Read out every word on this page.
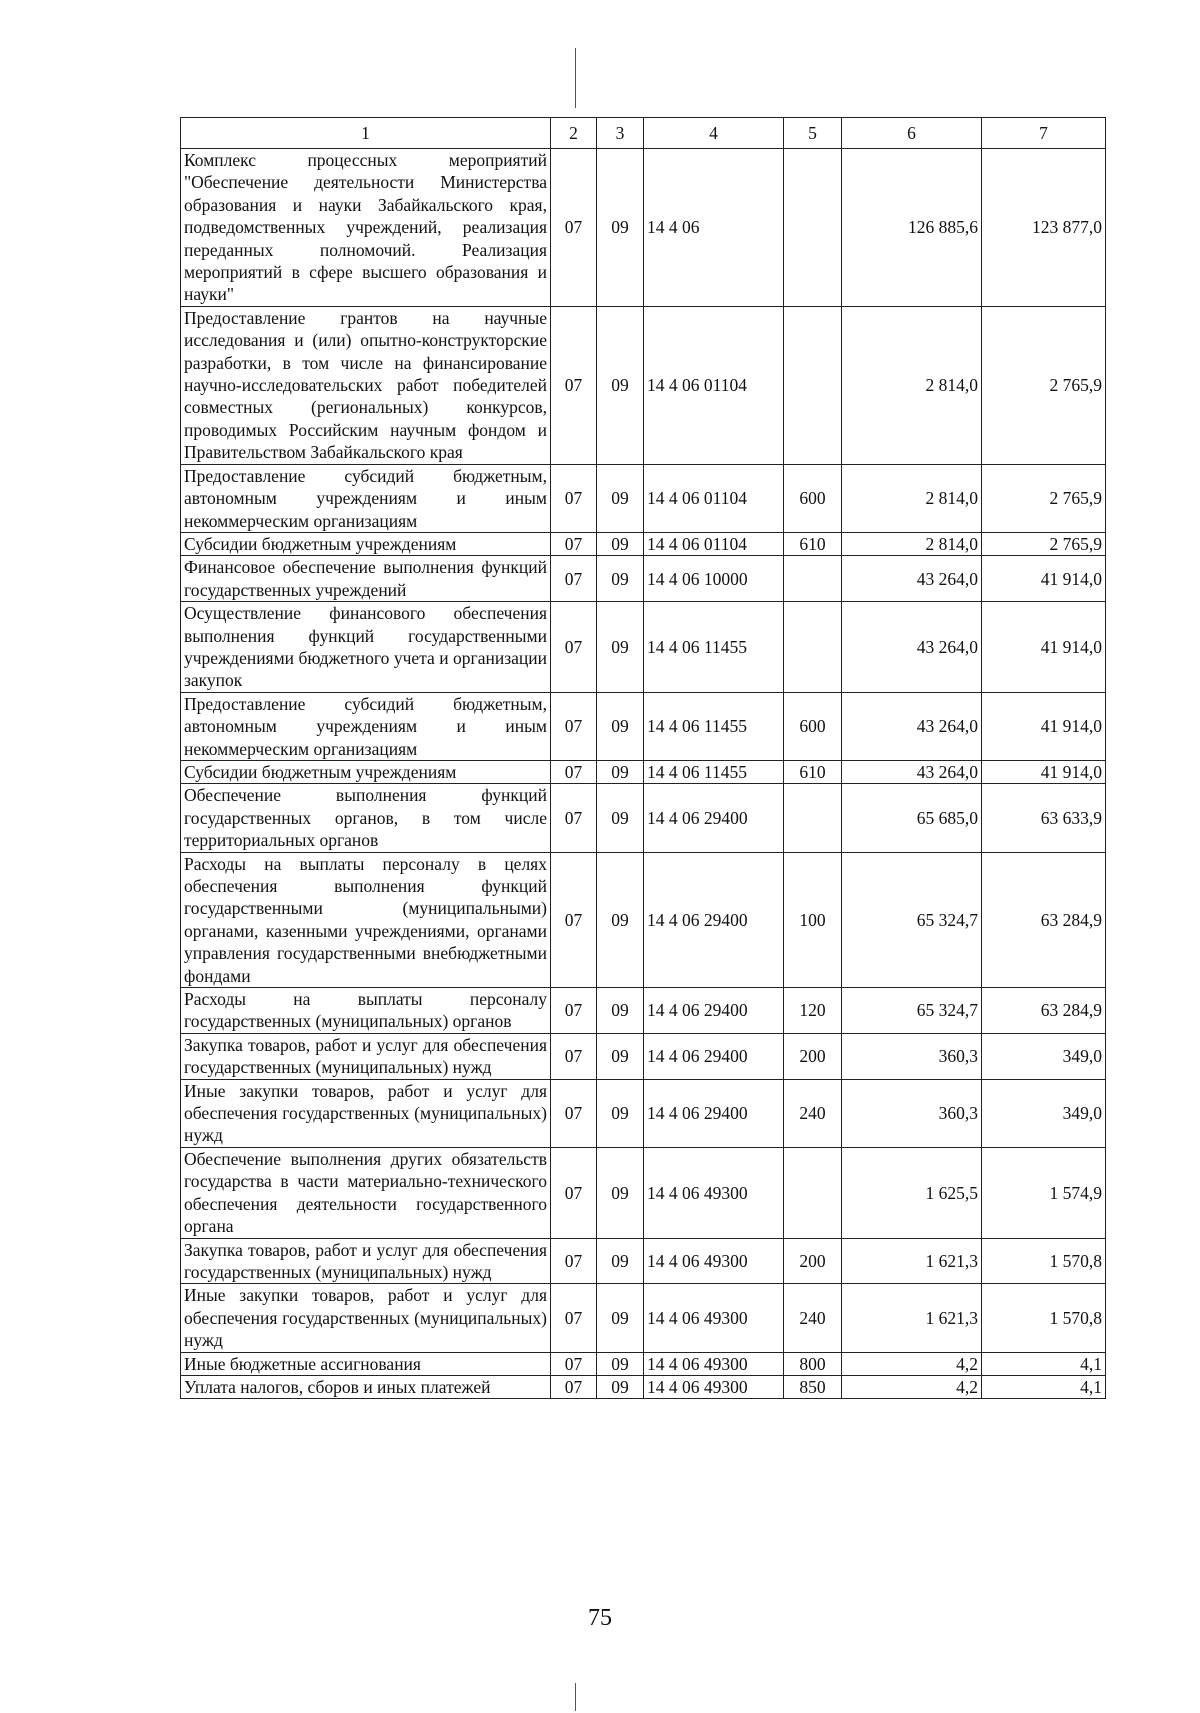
1	2	3	4	5	6	7
Комплекс процессных мероприятий "Обеспечение деятельности Министерства образования и науки Забайкальского края, подведомственных учреждений, реализация переданных полномочий. Реализация мероприятий в сфере высшего образования и науки"	07	09	14 4 06		126 885,6	123 877,0
Предоставление грантов на научные исследования и (или) опытно-конструкторские разработки, в том числе на финансирование научно-исследовательских работ победителей совместных (региональных) конкурсов, проводимых Российским научным фондом и Правительством Забайкальского края	07	09	14 4 06 01104		2 814,0	2 765,9
Предоставление субсидий бюджетным, автономным учреждениям и иным некоммерческим организациям	07	09	14 4 06 01104	600	2 814,0	2 765,9
Субсидии бюджетным учреждениям	07	09	14 4 06 01104	610	2 814,0	2 765,9
Финансовое обеспечение выполнения функций государственных учреждений	07	09	14 4 06 10000		43 264,0	41 914,0
Осуществление финансового обеспечения выполнения функций государственными учреждениями бюджетного учета и организации закупок	07	09	14 4 06 11455		43 264,0	41 914,0
Предоставление субсидий бюджетным, автономным учреждениям и иным некоммерческим организациям	07	09	14 4 06 11455	600	43 264,0	41 914,0
Субсидии бюджетным учреждениям	07	09	14 4 06 11455	610	43 264,0	41 914,0
Обеспечение выполнения функций государственных органов, в том числе территориальных органов	07	09	14 4 06 29400		65 685,0	63 633,9
Расходы на выплаты персоналу в целях обеспечения выполнения функций государственными (муниципальными) органами, казенными учреждениями, органами управления государственными внебюджетными фондами	07	09	14 4 06 29400	100	65 324,7	63 284,9
Расходы на выплаты персоналу государственных (муниципальных) органов	07	09	14 4 06 29400	120	65 324,7	63 284,9
Закупка товаров, работ и услуг для обеспечения государственных (муниципальных) нужд	07	09	14 4 06 29400	200	360,3	349,0
Иные закупки товаров, работ и услуг для обеспечения государственных (муниципальных) нужд	07	09	14 4 06 29400	240	360,3	349,0
Обеспечение выполнения других обязательств государства в части материально-технического обеспечения деятельности государственного органа	07	09	14 4 06 49300		1 625,5	1 574,9
Закупка товаров, работ и услуг для обеспечения государственных (муниципальных) нужд	07	09	14 4 06 49300	200	1 621,3	1 570,8
Иные закупки товаров, работ и услуг для обеспечения государственных (муниципальных) нужд	07	09	14 4 06 49300	240	1 621,3	1 570,8
Иные бюджетные ассигнования	07	09	14 4 06 49300	800	4,2	4,1
Уплата налогов, сборов и иных платежей	07	09	14 4 06 49300	850	4,2	4,1
75
